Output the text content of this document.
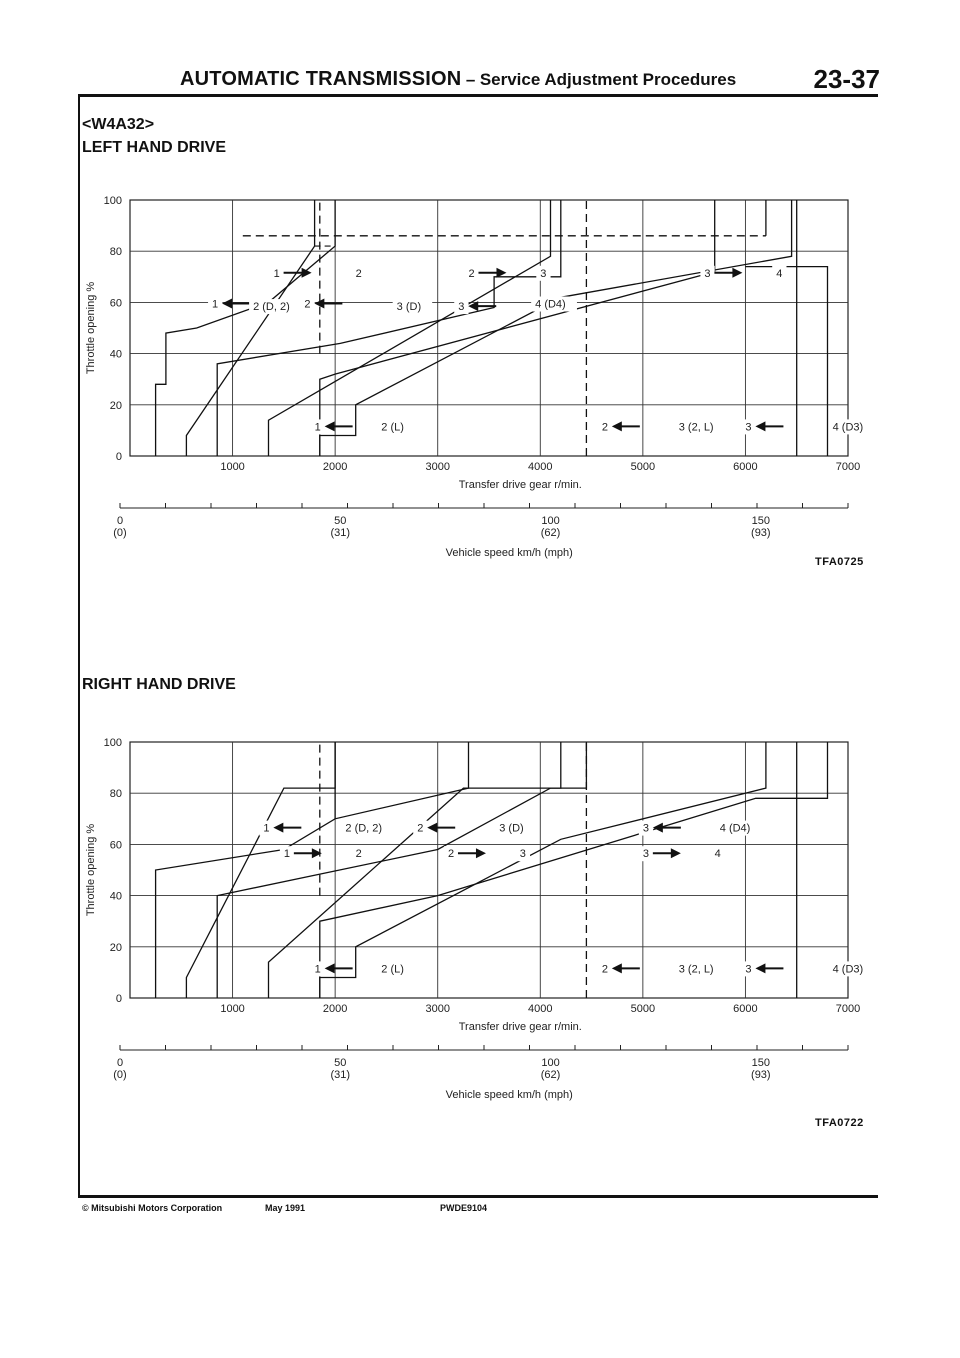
AUTOMATIC TRANSMISSION – Service Adjustment Procedures	23-37
<W4A32>
LEFT HAND DRIVE
0
20
40
60
80
100
1000	2000	3000	4000	5000	6000	7000
Throttle opening %
Transfer drive gear r/min.
1	2	2	3	3	4
1	2 (D, 2) 2	3 (D)	3	4 (D4)
1	2 (L)	2	3 (2, L)	3	4 (D3)
0
(0)
50
(31)
100
(62)
150
(93)
Vehicle speed km/h (mph)
TFA0725
RIGHT HAND DRIVE
0
20
40
60
80
100
1000	2000	3000	4000	5000	6000	7000
Throttle opening %
Transfer drive gear r/min.
1	2 (D, 2)	2	3 (D)	3	4 (D4)
1	2	2	3	3	4
1	2 (L)	2	3 (2, L)	3	4 (D3)
0
(0)
50
(31)
100
(62)
150
(93)
Vehicle speed km/h (mph)
TFA0722
© Mitsubishi Motors Corporation	May 1991	PWDE9104
